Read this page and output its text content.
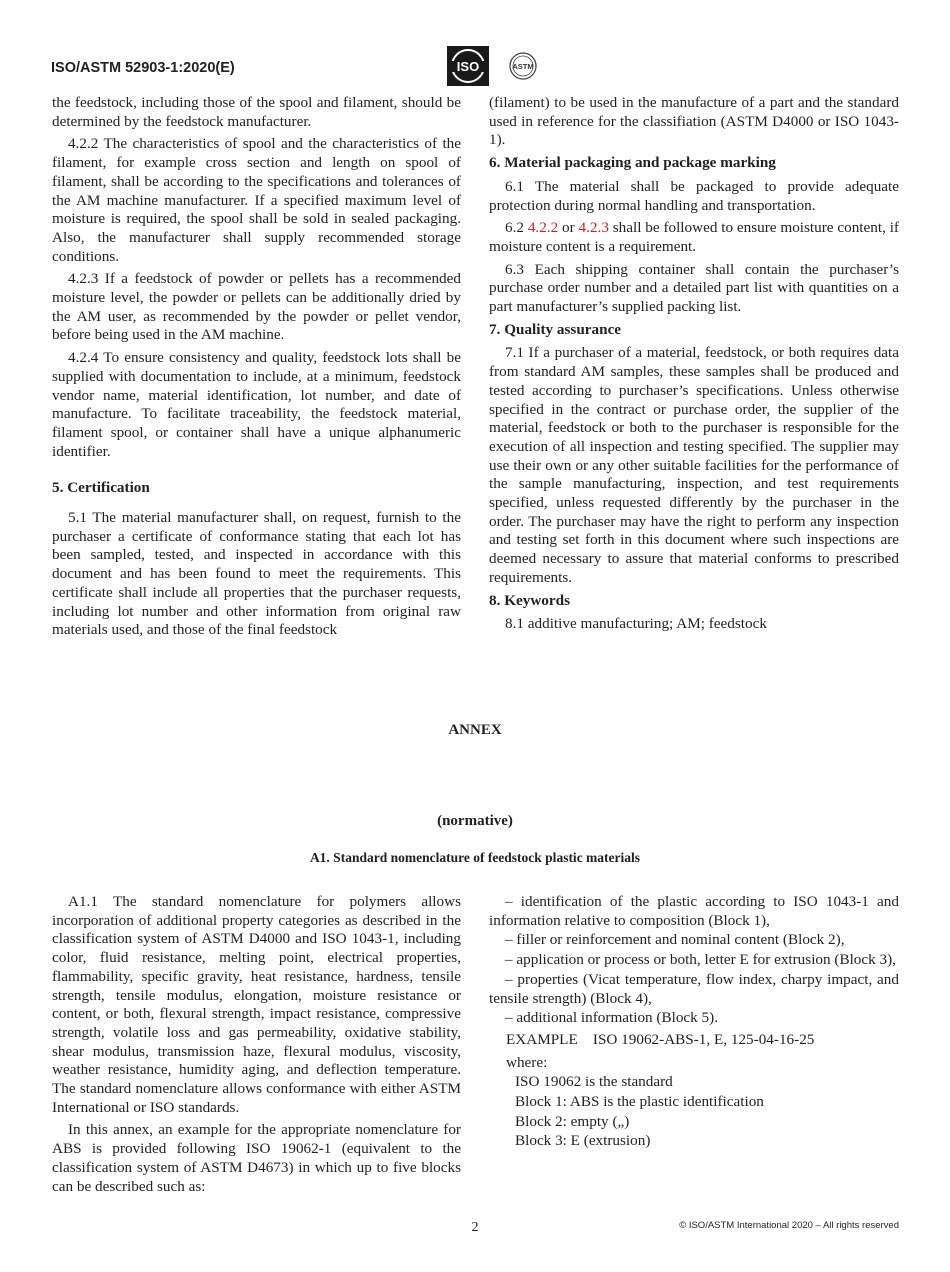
ISO/ASTM 52903-1:2020(E)	ISO	ASTM

the feedstock, including those of the spool and filament, should be determined by the feedstock manufacturer.

4.2.2 The characteristics of spool and the characteristics of the filament, for example cross section and length on spool of filament, shall be according to the specifications and tolerances of the AM machine manufacturer. If a specified maximum level of moisture is required, the spool shall be sold in sealed packaging. Also, the manufacturer shall supply recommended storage conditions.

4.2.3 If a feedstock of powder or pellets has a recommended moisture level, the powder or pellets can be additionally dried by the AM user, as recommended by the powder or pellet vendor, before being used in the AM machine.

4.2.4 To ensure consistency and quality, feedstock lots shall be supplied with documentation to include, at a minimum, feedstock vendor name, material identification, lot number, and date of manufacture. To facilitate traceability, the feedstock material, filament spool, or container shall have a unique alphanumeric identifier.

5. Certification

5.1 The material manufacturer shall, on request, furnish to the purchaser a certificate of conformance stating that each lot has been sampled, tested, and inspected in accordance with this document and has been found to meet the requirements. This certificate shall include all properties that the purchaser requests, including lot number and other information from original raw materials used, and those of the final feedstock

(filament) to be used in the manufacture of a part and the standard used in reference for the classifiation (ASTM D4000 or ISO 1043-1).

6. Material packaging and package marking

6.1 The material shall be packaged to provide adequate protection during normal handling and transportation.

6.2 4.2.2 or 4.2.3 shall be followed to ensure moisture content, if moisture content is a requirement.

6.3 Each shipping container shall contain the purchaser’s purchase order number and a detailed part list with quantities on a part manufacturer’s supplied packing list.

7. Quality assurance

7.1 If a purchaser of a material, feedstock, or both requires data from standard AM samples, these samples shall be produced and tested according to purchaser’s specifications. Unless otherwise specified in the contract or purchase order, the supplier of the material, feedstock or both to the purchaser is responsible for the execution of all inspection and testing specified. The supplier may use their own or any other suitable facilities for the performance of the sample manufacturing, inspection, and test requirements specified, unless requested differently by the purchaser in the order. The purchaser may have the right to perform any inspection and testing set forth in this document where such inspections are deemed necessary to assure that material conforms to prescribed requirements.

8. Keywords

8.1 additive manufacturing; AM; feedstock

ANNEX
(normative)
A1. Standard nomenclature of feedstock plastic materials

A1.1 The standard nomenclature for polymers allows incorporation of additional property categories as described in the classification system of ASTM D4000 and ISO 1043-1, including color, fluid resistance, melting point, electrical properties, flammability, specific gravity, heat resistance, hardness, tensile strength, tensile modulus, elongation, moisture resistance or content, or both, flexural strength, impact resistance, compressive strength, volatile loss and gas permeability, oxidative stability, shear modulus, transmission haze, flexural modulus, viscosity, weather resistance, humidity aging, and deflection temperature. The standard nomenclature allows conformance with either ASTM International or ISO standards.

In this annex, an example for the appropriate nomenclature for ABS is provided following ISO 19062-1 (equivalent to the classification system of ASTM D4673) in which up to five blocks can be described such as:

– identification of the plastic according to ISO 1043-1 and information relative to composition (Block 1),

– filler or reinforcement and nominal content (Block 2),

– application or process or both, letter E for extrusion (Block 3),

– properties (Vicat temperature, flow index, charpy impact, and tensile strength) (Block 4),

– additional information (Block 5).

EXAMPLE    ISO 19062-ABS-1, E, 125-04-16-25

where:

ISO 19062 is the standard

Block 1: ABS is the plastic identification

Block 2: empty („)

Block 3: E (extrusion)

2	© ISO/ASTM International 2020 – All rights reserved
